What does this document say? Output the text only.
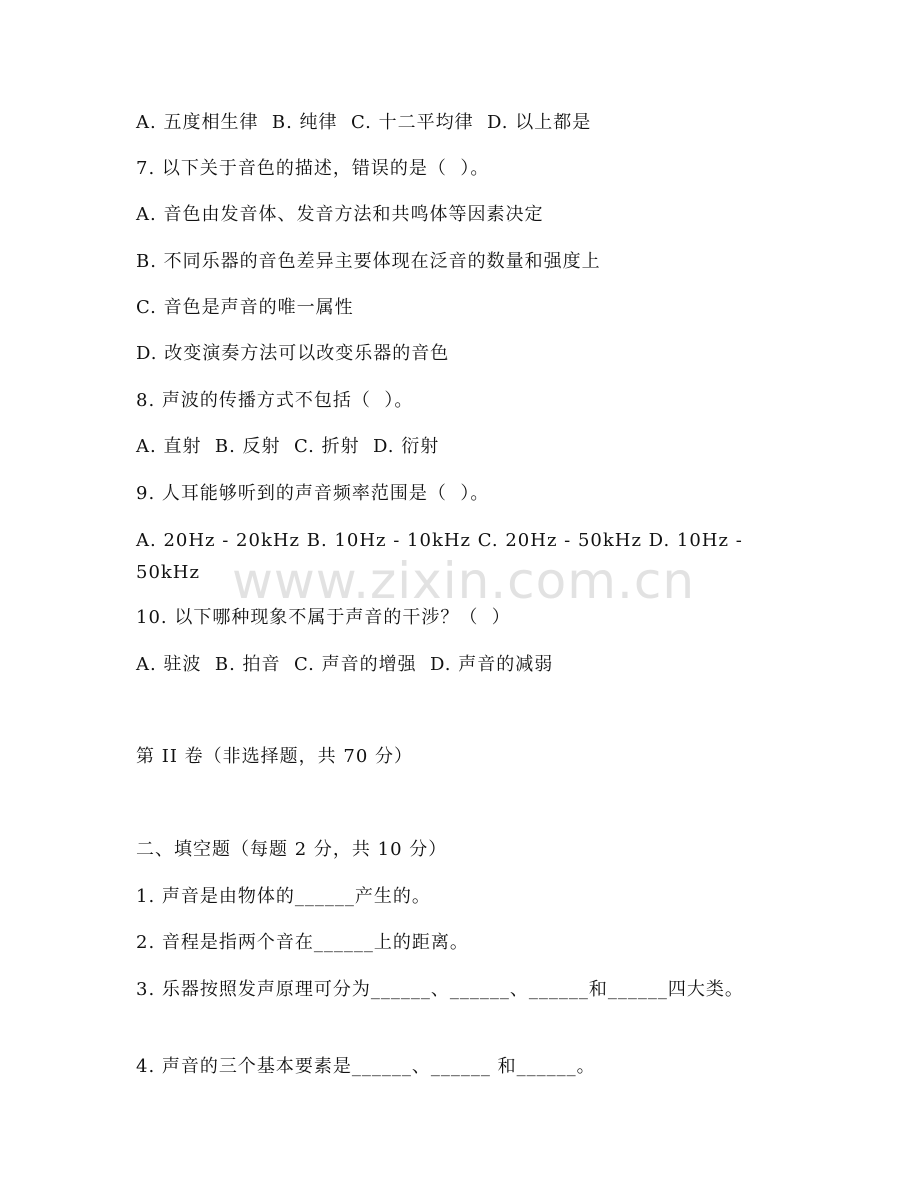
A. 五度相生律  B. 纯律  C. 十二平均律  D. 以上都是
7. 以下关于音色的描述，错误的是（  ）。
A. 音色由发音体、发音方法和共鸣体等因素决定
B. 不同乐器的音色差异主要体现在泛音的数量和强度上
C. 音色是声音的唯一属性
D. 改变演奏方法可以改变乐器的音色
8. 声波的传播方式不包括（  ）。
A. 直射  B. 反射  C. 折射  D. 衍射
9. 人耳能够听到的声音频率范围是（  ）。
A. 20Hz - 20kHz B. 10Hz - 10kHz C. 20Hz - 50kHz D. 10Hz - 50kHz
10. 以下哪种现象不属于声音的干涉？（  ）
A. 驻波  B. 拍音  C. 声音的增强  D. 声音的减弱
第 II 卷（非选择题，共 70 分）
二、填空题（每题 2 分，共 10 分）
1. 声音是由物体的______产生的。
2. 音程是指两个音在______上的距离。
3. 乐器按照发声原理可分为______、______、______和______四大类。
4. 声音的三个基本要素是______、______ 和______。
www.zixin.com.cn
